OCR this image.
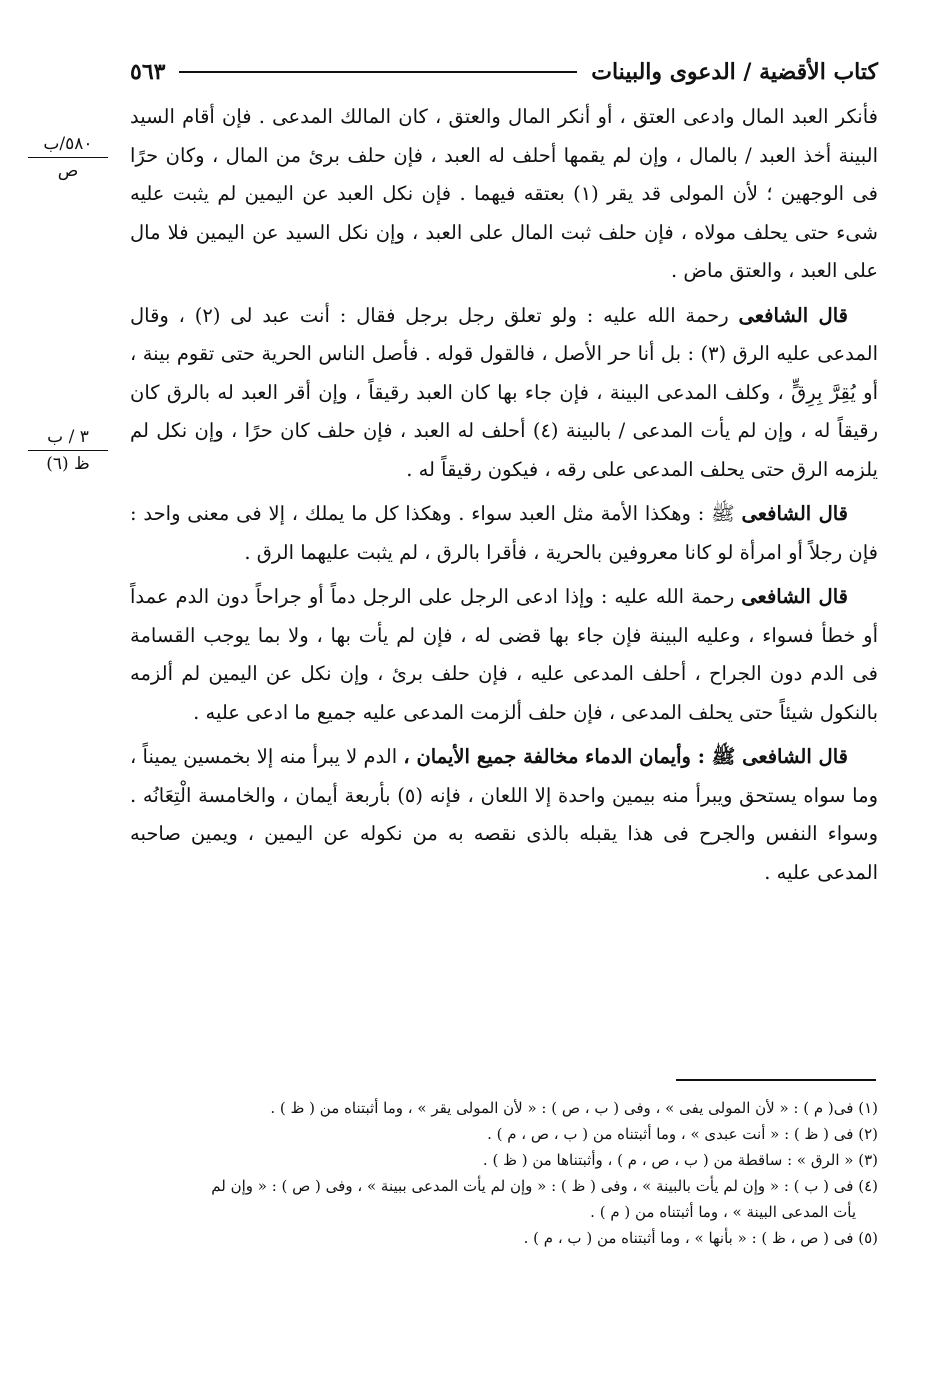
كتاب الأقضية / الدعوى والبينات
٥٦٣
٥٨٠/ب
ص
٣ / ب
ظ (٦)

فأنكر العبد المال وادعى العتق ، أو أنكر المال والعتق ، كان المالك المدعى . فإن أقام السيد البينة أخذ العبد / بالمال ، وإن لم يقمها أحلف له العبد ، فإن حلف برئ من المال ، وكان حرًا فى الوجهين ؛ لأن المولى قد يقر (١) بعتقه فيهما . فإن نكل العبد عن اليمين لم يثبت عليه شىء حتى يحلف مولاه ، فإن حلف ثبت المال على العبد ، وإن نكل السيد عن اليمين فلا مال على العبد ، والعتق ماض .

قال الشافعى رحمة الله عليه : ولو تعلق رجل برجل فقال : أنت عبد لى (٢) ، وقال المدعى عليه الرق (٣) : بل أنا حر الأصل ، فالقول قوله . فأصل الناس الحرية حتى تقوم بينة ، أو يُقِرَّ بِرِقٍّ ، وكلف المدعى البينة ، فإن جاء بها كان العبد رقيقاً ، وإن أقر العبد له بالرق كان رقيقاً له ، وإن لم يأت المدعى / بالبينة (٤) أحلف له العبد ، فإن حلف كان حرًا ، وإن نكل لم يلزمه الرق حتى يحلف المدعى على رقه ، فيكون رقيقاً له .

قال الشافعى ﷺ : وهكذا الأمة مثل العبد سواء . وهكذا كل ما يملك ، إلا فى معنى واحد : فإن رجلاً أو امرأة لو كانا معروفين بالحرية ، فأقرا بالرق ، لم يثبت عليهما الرق .

قال الشافعى رحمة الله عليه : وإذا ادعى الرجل على الرجل دماً أو جراحاً دون الدم عمداً أو خطأ فسواء ، وعليه البينة فإن جاء بها قضى له ، فإن لم يأت بها ، ولا بما يوجب القسامة فى الدم دون الجراح ، أحلف المدعى عليه ، فإن حلف برئ ، وإن نكل عن اليمين لم ألزمه بالنكول شيئاً حتى يحلف المدعى ، فإن حلف ألزمت المدعى عليه جميع ما ادعى عليه .

قال الشافعى ﷺ : وأيمان الدماء مخالفة جميع الأيمان ، الدم لا يبرأ منه إلا بخمسين يميناً ، وما سواه يستحق ويبرأ منه بيمين واحدة إلا اللعان ، فإنه (٥) بأربعة أيمان ، والخامسة الْتِعَانُه . وسواء النفس والجرح فى هذا يقبله بالذى نقصه به من نكوله عن اليمين ، ويمين صاحبه المدعى عليه .

(١) فى( م ) : « لأن المولى يفى » ، وفى ( ب ، ص ) : « لأن المولى يقر » ، وما أثبتناه من ( ظ ) .

(٢) فى ( ظ ) : « أنت عبدى » ، وما أثبتناه من ( ب ، ص ، م ) .

(٣) « الرق » : ساقطة من ( ب ، ص ، م ) ، وأثبتناها من ( ظ ) .

(٤) فى ( ب ) : « وإن لم يأت بالبينة » ، وفى ( ظ ) : « وإن لم يأت المدعى ببينة » ، وفى ( ص ) : « وإن لم

يأت المدعى البينة » ، وما أثبتناه من ( م ) .

(٥) فى ( ص ، ظ ) : « بأنها » ، وما أثبتناه من ( ب ، م ) .
